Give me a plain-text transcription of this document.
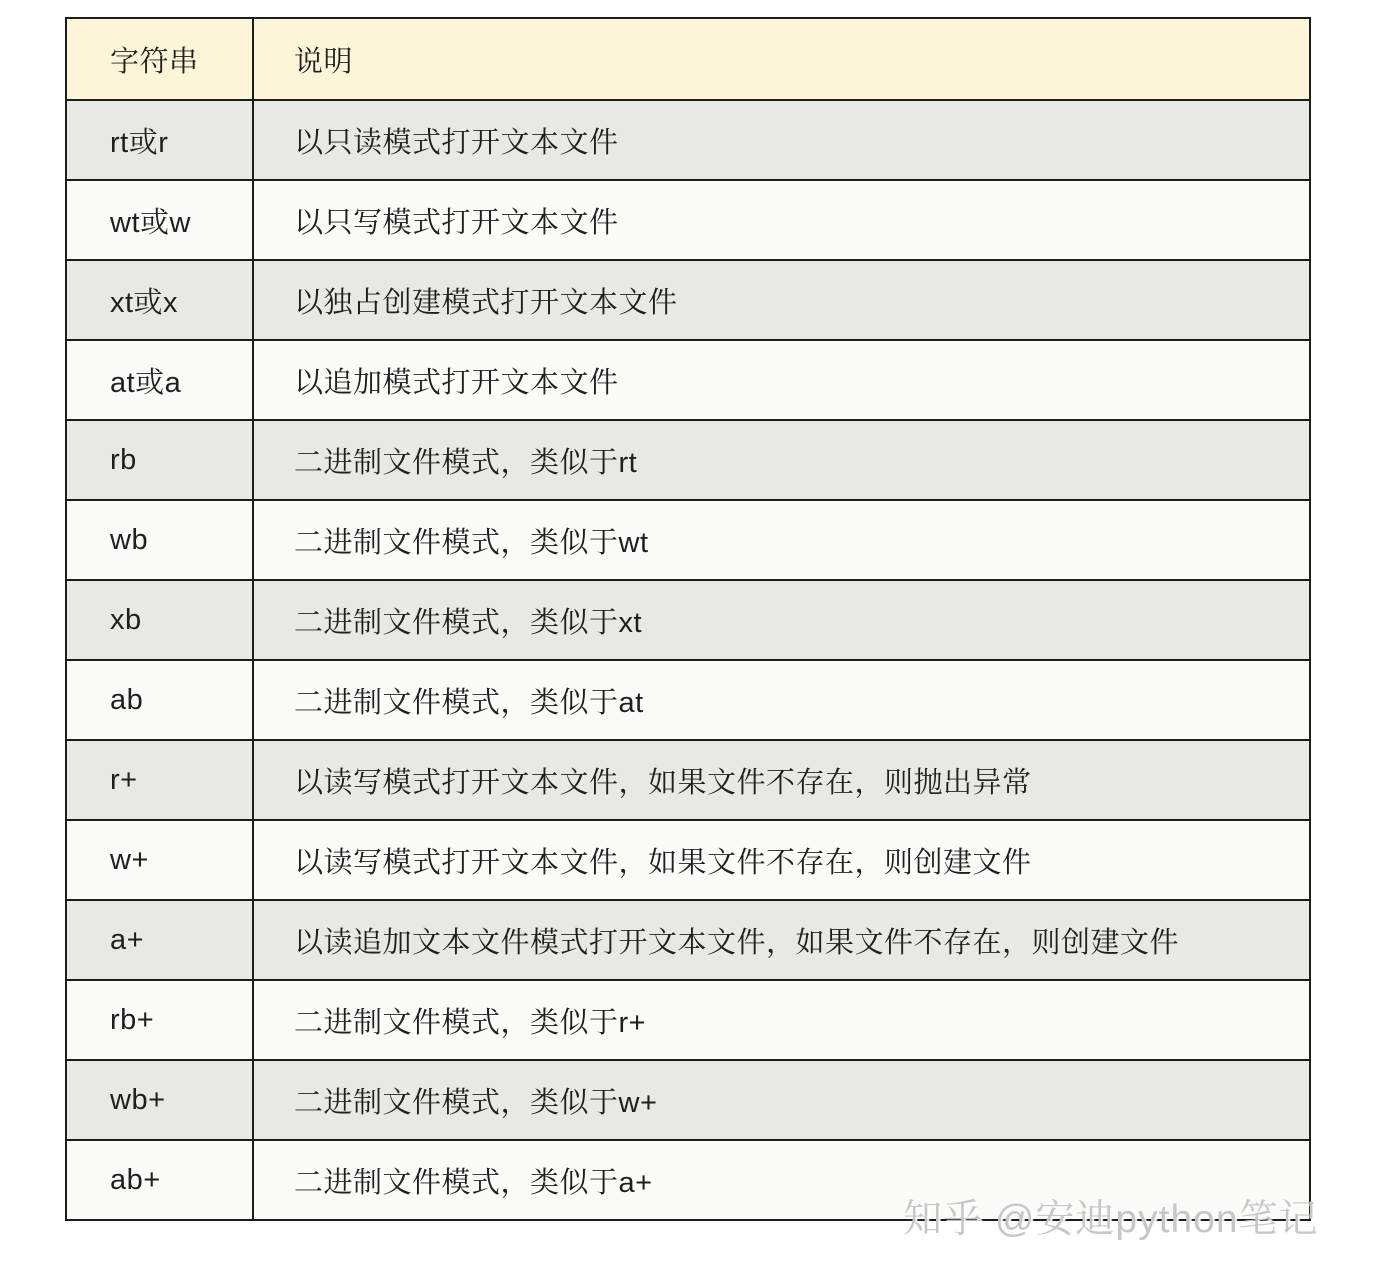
字符串	说明
rt或r	以只读模式打开文本文件
wt或w	以只写模式打开文本文件
xt或x	以独占创建模式打开文本文件
at或a	以追加模式打开文本文件
rb	二进制文件模式，类似于rt
wb	二进制文件模式，类似于wt
xb	二进制文件模式，类似于xt
ab	二进制文件模式，类似于at
r+	以读写模式打开文本文件，如果文件不存在，则抛出异常
w+	以读写模式打开文本文件，如果文件不存在，则创建文件
a+	以读追加文本文件模式打开文本文件，如果文件不存在，则创建文件
rb+	二进制文件模式，类似于r+
wb+	二进制文件模式，类似于w+
ab+	二进制文件模式，类似于a+
知乎 @安迪python笔记
